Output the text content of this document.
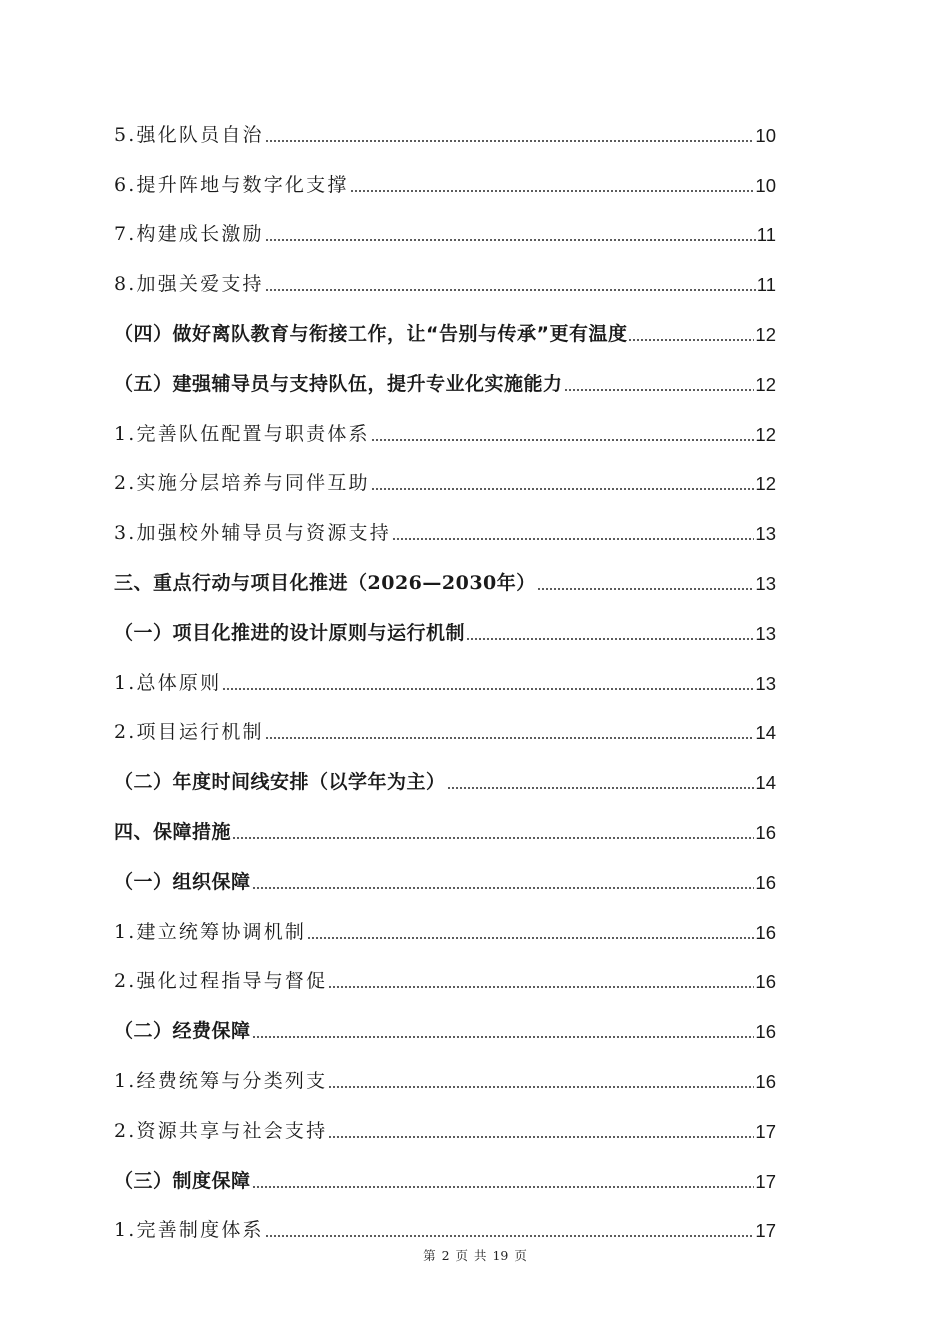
5.强化队员自治	10
6.提升阵地与数字化支撑	10
7.构建成长激励	11
8.加强关爱支持	11
（四）做好离队教育与衔接工作，让“告别与传承”更有温度	12
（五）建强辅导员与支持队伍，提升专业化实施能力	12
1.完善队伍配置与职责体系	12
2.实施分层培养与同伴互助	12
3.加强校外辅导员与资源支持	13
三、重点行动与项目化推进（2026—2030年）	13
（一）项目化推进的设计原则与运行机制	13
1.总体原则	13
2.项目运行机制	14
（二）年度时间线安排（以学年为主）	14
四、保障措施	16
（一）组织保障	16
1.建立统筹协调机制	16
2.强化过程指导与督促	16
（二）经费保障	16
1.经费统筹与分类列支	16
2.资源共享与社会支持	17
（三）制度保障	17
1.完善制度体系	17
第 2 页 共 19 页
